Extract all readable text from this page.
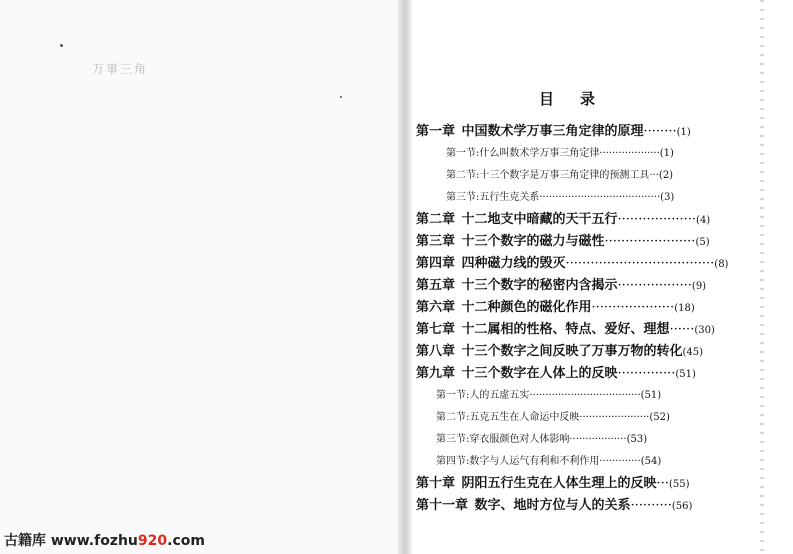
万事三角
目录
第一章  中国数术学万事三角定律的原理········(1)
第一节:什么叫数术学万事三角定律···················(1)
第二节:十三个数字是万事三角定律的预测工具···(2)
第三节:五行生克关系······································(3)
第二章  十二地支中暗藏的天干五行···················(4)
第三章  十三个数字的磁力与磁性······················(5)
第四章  四种磁力线的毁灭····································(8)
第五章  十三个数字的秘密内含揭示··················(9)
第六章  十二种颜色的磁化作用····················(18)
第七章  十二属相的性格、特点、爱好、理想······(30)
第八章  十三个数字之间反映了万事万物的转化(45)
第九章  十三个数字在人体上的反映··············(51)
第一节:人的五虚五实···································(51)
第二节:五克五生在人命运中反映······················(52)
第三节:穿衣服颜色对人体影响··················(53)
第四节:数字与人运气有利和不利作用·············(54)
第十章  阴阳五行生克在人体生理上的反映···(55)
第十一章  数字、地时方位与人的关系··········(56)
古籍库 www.fozhu920.com
